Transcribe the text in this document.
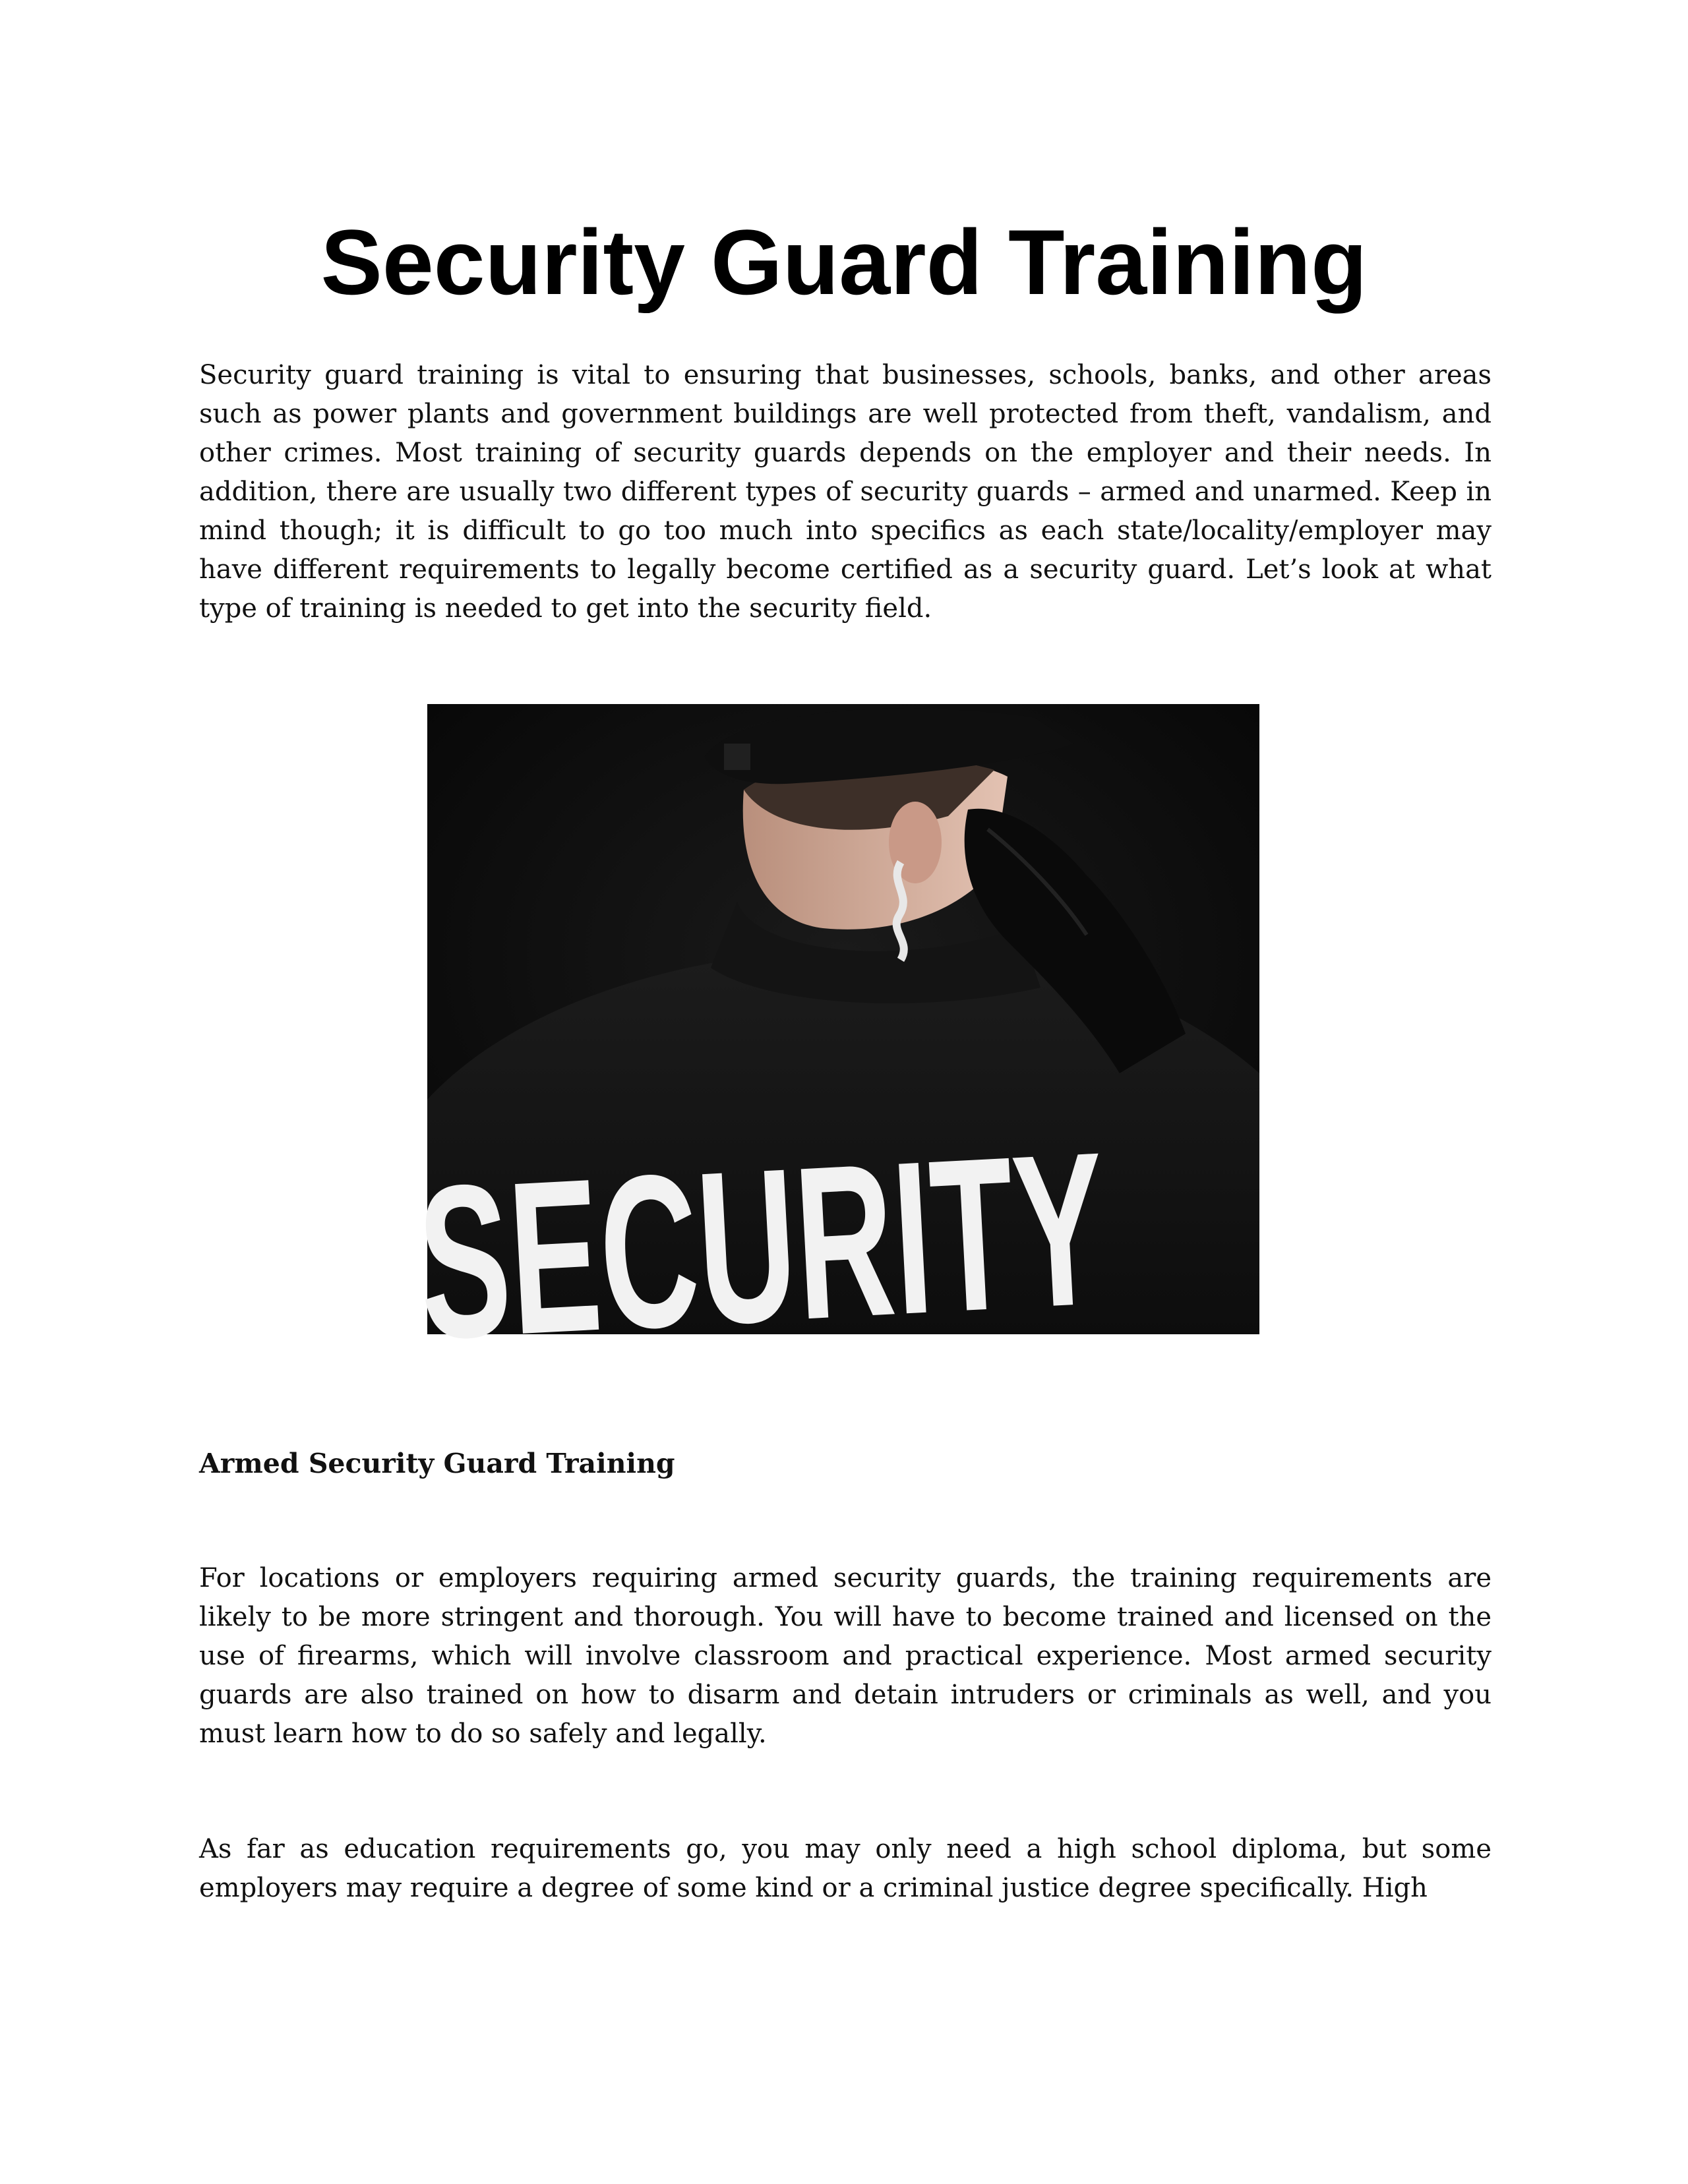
Security Guard Training

Security guard training is vital to ensuring that businesses, schools, banks, and other areas such as power plants and government buildings are well protected from theft, vandalism, and other crimes. Most training of security guards depends on the employer and their needs. In addition, there are usually two different types of security guards – armed and unarmed. Keep in mind though; it is difficult to go too much into specifics as each state/locality/employer may have different requirements to legally become certified as a security guard. Let’s look at what type of training is needed to get into the security field.

SECURITY
Armed Security Guard Training

For locations or employers requiring armed security guards, the training requirements are likely to be more stringent and thorough. You will have to become trained and licensed on the use of firearms, which will involve classroom and practical experience. Most armed security guards are also trained on how to disarm and detain intruders or criminals as well, and you must learn how to do so safely and legally.

As far as education requirements go, you may only need a high school diploma, but some employers may require a degree of some kind or a criminal justice degree specifically. High
